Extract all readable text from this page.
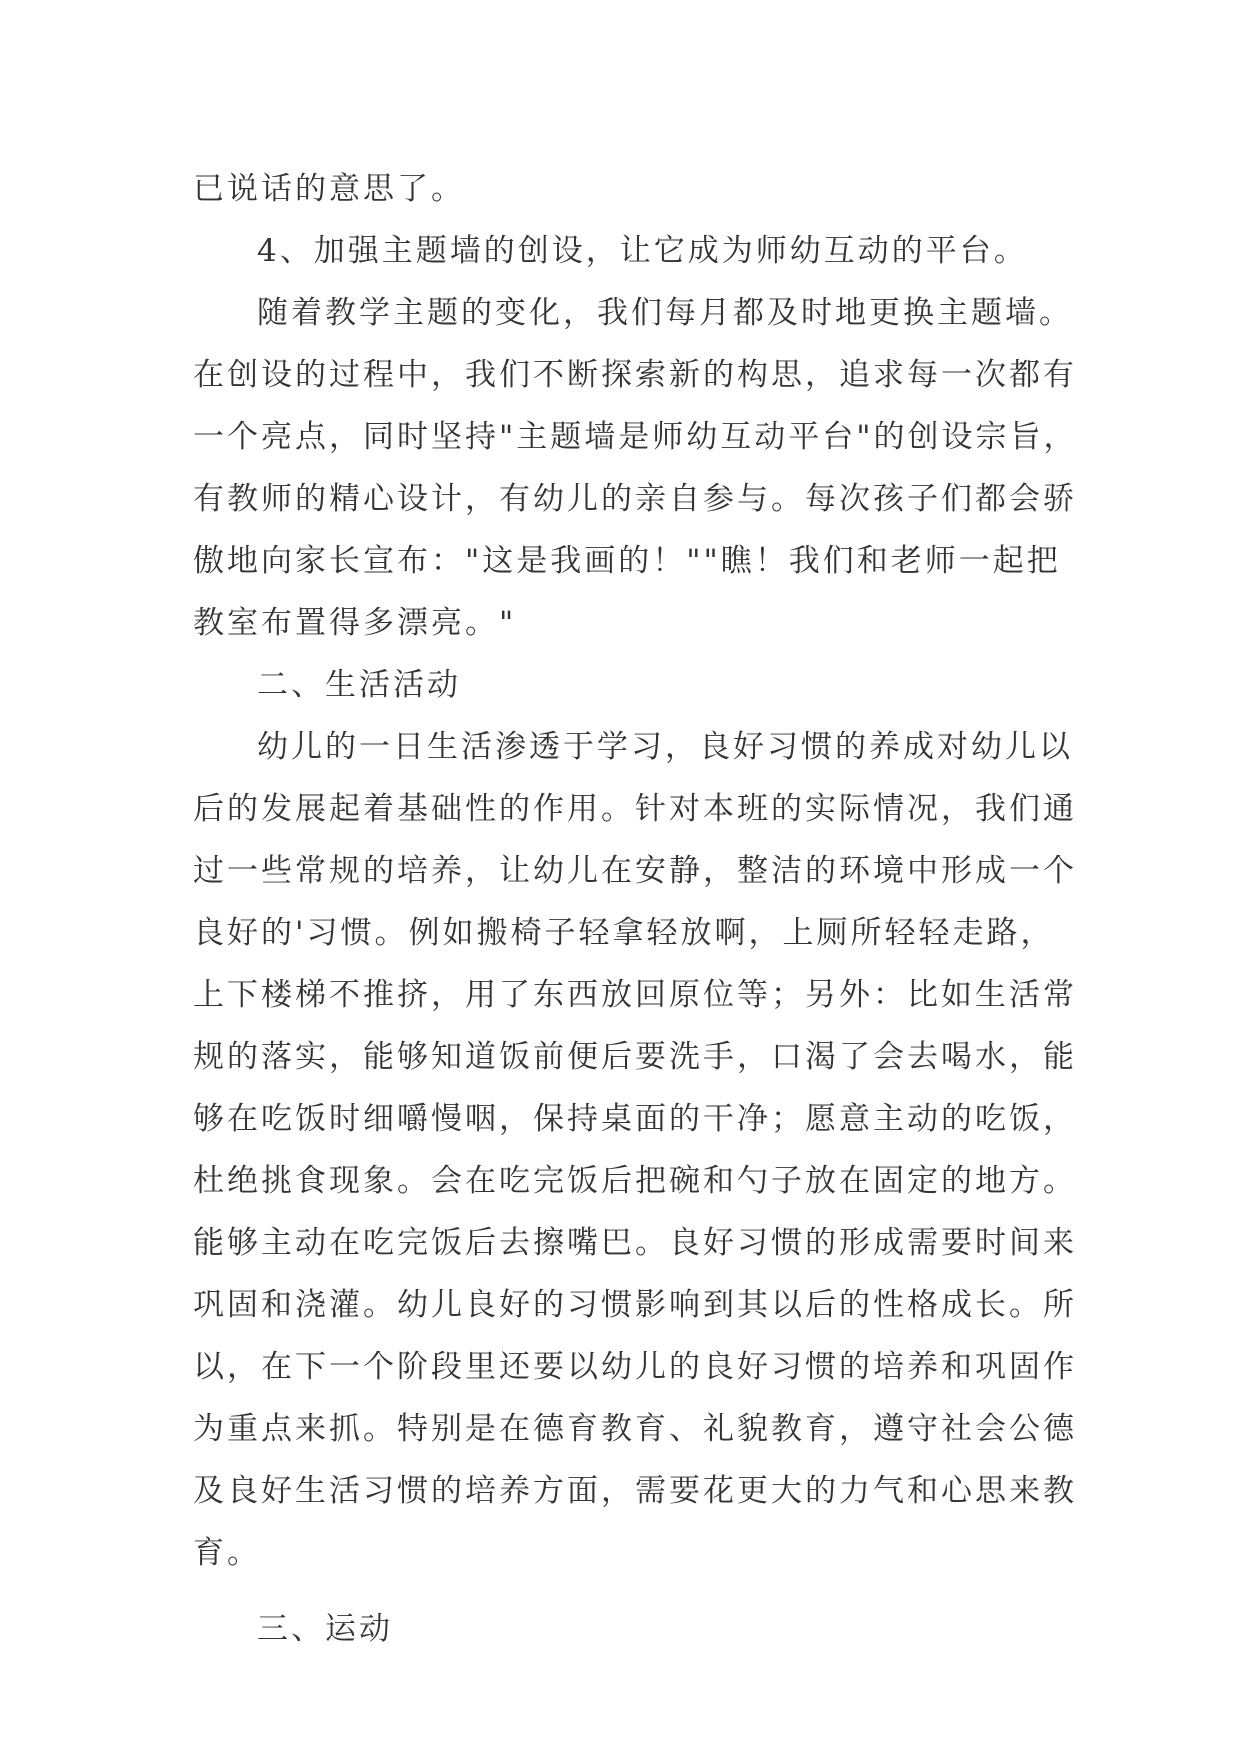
已说话的意思了。
4、加强主题墙的创设，让它成为师幼互动的平台。
随着教学主题的变化，我们每月都及时地更换主题墙。
在创设的过程中，我们不断探索新的构思，追求每一次都有
一个亮点，同时坚持"主题墙是师幼互动平台"的创设宗旨，
有教师的精心设计，有幼儿的亲自参与。每次孩子们都会骄
傲地向家长宣布："这是我画的！""瞧！我们和老师一起把
教室布置得多漂亮。"
二、生活活动
幼儿的一日生活渗透于学习，良好习惯的养成对幼儿以
后的发展起着基础性的作用。针对本班的实际情况，我们通
过一些常规的培养，让幼儿在安静，整洁的环境中形成一个
良好的'习惯。例如搬椅子轻拿轻放啊，上厕所轻轻走路，
上下楼梯不推挤，用了东西放回原位等；另外：比如生活常
规的落实，能够知道饭前便后要洗手，口渴了会去喝水，能
够在吃饭时细嚼慢咽，保持桌面的干净；愿意主动的吃饭，
杜绝挑食现象。会在吃完饭后把碗和勺子放在固定的地方。
能够主动在吃完饭后去擦嘴巴。良好习惯的形成需要时间来
巩固和浇灌。幼儿良好的习惯影响到其以后的性格成长。所
以，在下一个阶段里还要以幼儿的良好习惯的培养和巩固作
为重点来抓。特别是在德育教育、礼貌教育，遵守社会公德
及良好生活习惯的培养方面，需要花更大的力气和心思来教
育。
三、运动
